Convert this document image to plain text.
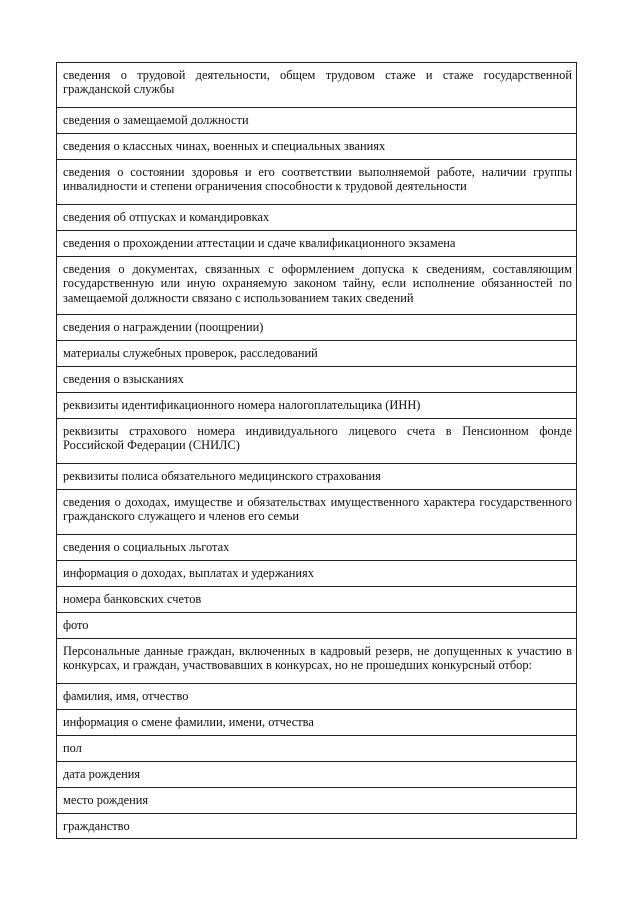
сведения о трудовой деятельности, общем трудовом стаже и стаже государственной гражданской службы
сведения о замещаемой должности
сведения о классных чинах, военных и специальных званиях
сведения о состоянии здоровья и его соответствии выполняемой работе, наличии группы инвалидности и степени ограничения способности к трудовой деятельности
сведения об отпусках и командировках
сведения о прохождении аттестации и сдаче квалификационного экзамена
сведения о документах, связанных с оформлением допуска к сведениям, составляющим государственную или иную охраняемую законом тайну, если исполнение обязанностей по замещаемой должности связано с использованием таких сведений
сведения о награждении (поощрении)
материалы служебных проверок, расследований
сведения о взысканиях
реквизиты идентификационного номера налогоплательщика (ИНН)
реквизиты страхового номера индивидуального лицевого счета в Пенсионном фонде Российской Федерации (СНИЛС)
реквизиты полиса обязательного медицинского страхования
сведения о доходах, имуществе и обязательствах имущественного характера государственного гражданского служащего и членов его семьи
сведения о социальных льготах
информация о доходах, выплатах и удержаниях
номера банковских счетов
фото
Персональные данные граждан, включенных в кадровый резерв, не допущенных к участию в конкурсах, и граждан, участвовавших в конкурсах, но не прошедших конкурсный отбор:
фамилия, имя, отчество
информация о смене фамилии, имени, отчества
пол
дата рождения
место рождения
гражданство
